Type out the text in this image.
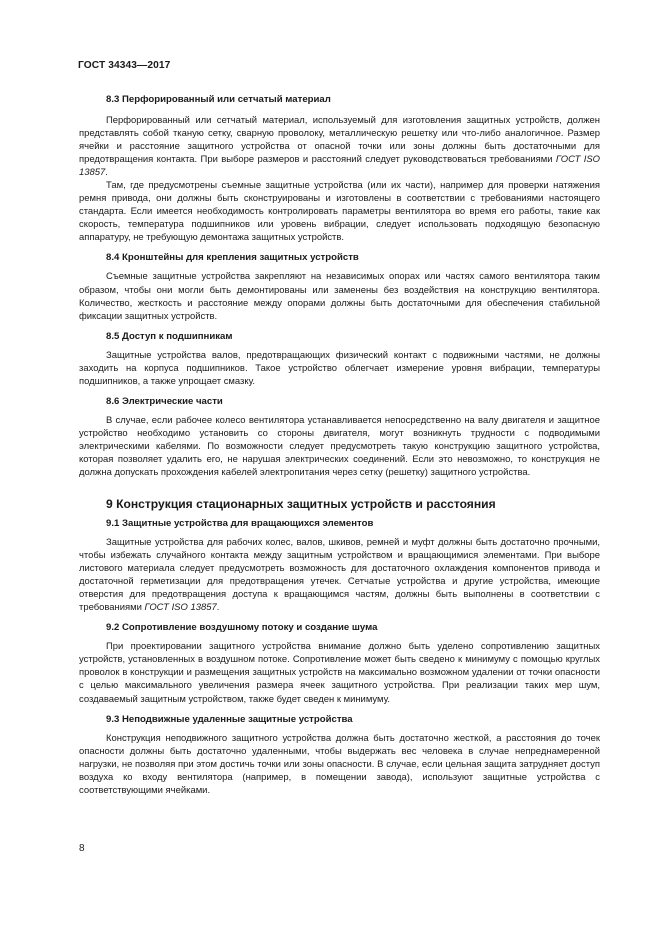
ГОСТ 34343—2017
8.3 Перфорированный или сетчатый материал

Перфорированный или сетчатый материал, используемый для изготовления защитных устройств, должен представлять собой тканую сетку, сварную проволоку, металлическую решетку или что-либо аналогичное. Размер ячейки и расстояние защитного устройства от опасной точки или зоны должны быть достаточными для предотвращения контакта. При выборе размеров и расстояний следует руководствоваться требованиями ГОСТ ISO 13857.

Там, где предусмотрены съемные защитные устройства (или их части), например для проверки натяжения ремня привода, они должны быть сконструированы и изготовлены в соответствии с требованиями настоящего стандарта. Если имеется необходимость контролировать параметры вентилятора во время его работы, такие как скорость, температура подшипников или уровень вибрации, следует использовать подходящую безопасную аппаратуру, не требующую демонтажа защитных устройств.

8.4 Кронштейны для крепления защитных устройств

Съемные защитные устройства закрепляют на независимых опорах или частях самого вентилятора таким образом, чтобы они могли быть демонтированы или заменены без воздействия на конструкцию вентилятора. Количество, жесткость и расстояние между опорами должны быть достаточными для обеспечения стабильной фиксации защитных устройств.

8.5 Доступ к подшипникам

Защитные устройства валов, предотвращающих физический контакт с подвижными частями, не должны заходить на корпуса подшипников. Такое устройство облегчает измерение уровня вибрации, температуры подшипников, а также упрощает смазку.

8.6 Электрические части

В случае, если рабочее колесо вентилятора устанавливается непосредственно на валу двигателя и защитное устройство необходимо установить со стороны двигателя, могут возникнуть трудности с подводимыми электрическими кабелями. По возможности следует предусмотреть такую конструкцию защитного устройства, которая позволяет удалить его, не нарушая электрических соединений. Если это невозможно, то конструкция не должна допускать прохождения кабелей электропитания через сетку (решетку) защитного устройства.

9 Конструкция стационарных защитных устройств и расстояния
9.1 Защитные устройства для вращающихся элементов

Защитные устройства для рабочих колес, валов, шкивов, ремней и муфт должны быть достаточно прочными, чтобы избежать случайного контакта между защитным устройством и вращающимися элементами. При выборе листового материала следует предусмотреть возможность для достаточного охлаждения компонентов привода и достаточной герметизации для предотвращения утечек. Сетчатые устройства и другие устройства, имеющие отверстия для предотвращения доступа к вращающимся частям, должны быть выполнены в соответствии с требованиями ГОСТ ISO 13857.

9.2 Сопротивление воздушному потоку и создание шума

При проектировании защитного устройства внимание должно быть уделено сопротивлению защитных устройств, установленных в воздушном потоке. Сопротивление может быть сведено к минимуму с помощью круглых проволок в конструкции и размещения защитных устройств на максимально возможном удалении от точки опасности с целью максимального увеличения размера ячеек защитного устройства. При реализации таких мер шум, создаваемый защитным устройством, также будет сведен к минимуму.

9.3 Неподвижные удаленные защитные устройства

Конструкция неподвижного защитного устройства должна быть достаточно жесткой, а расстояния до точек опасности должны быть достаточно удаленными, чтобы выдержать вес человека в случае непреднамеренной нагрузки, не позволяя при этом достичь точки или зоны опасности. В случае, если цельная защита затрудняет доступ воздуха ко входу вентилятора (например, в помещении завода), используют защитные устройства с соответствующими ячейками.

8
